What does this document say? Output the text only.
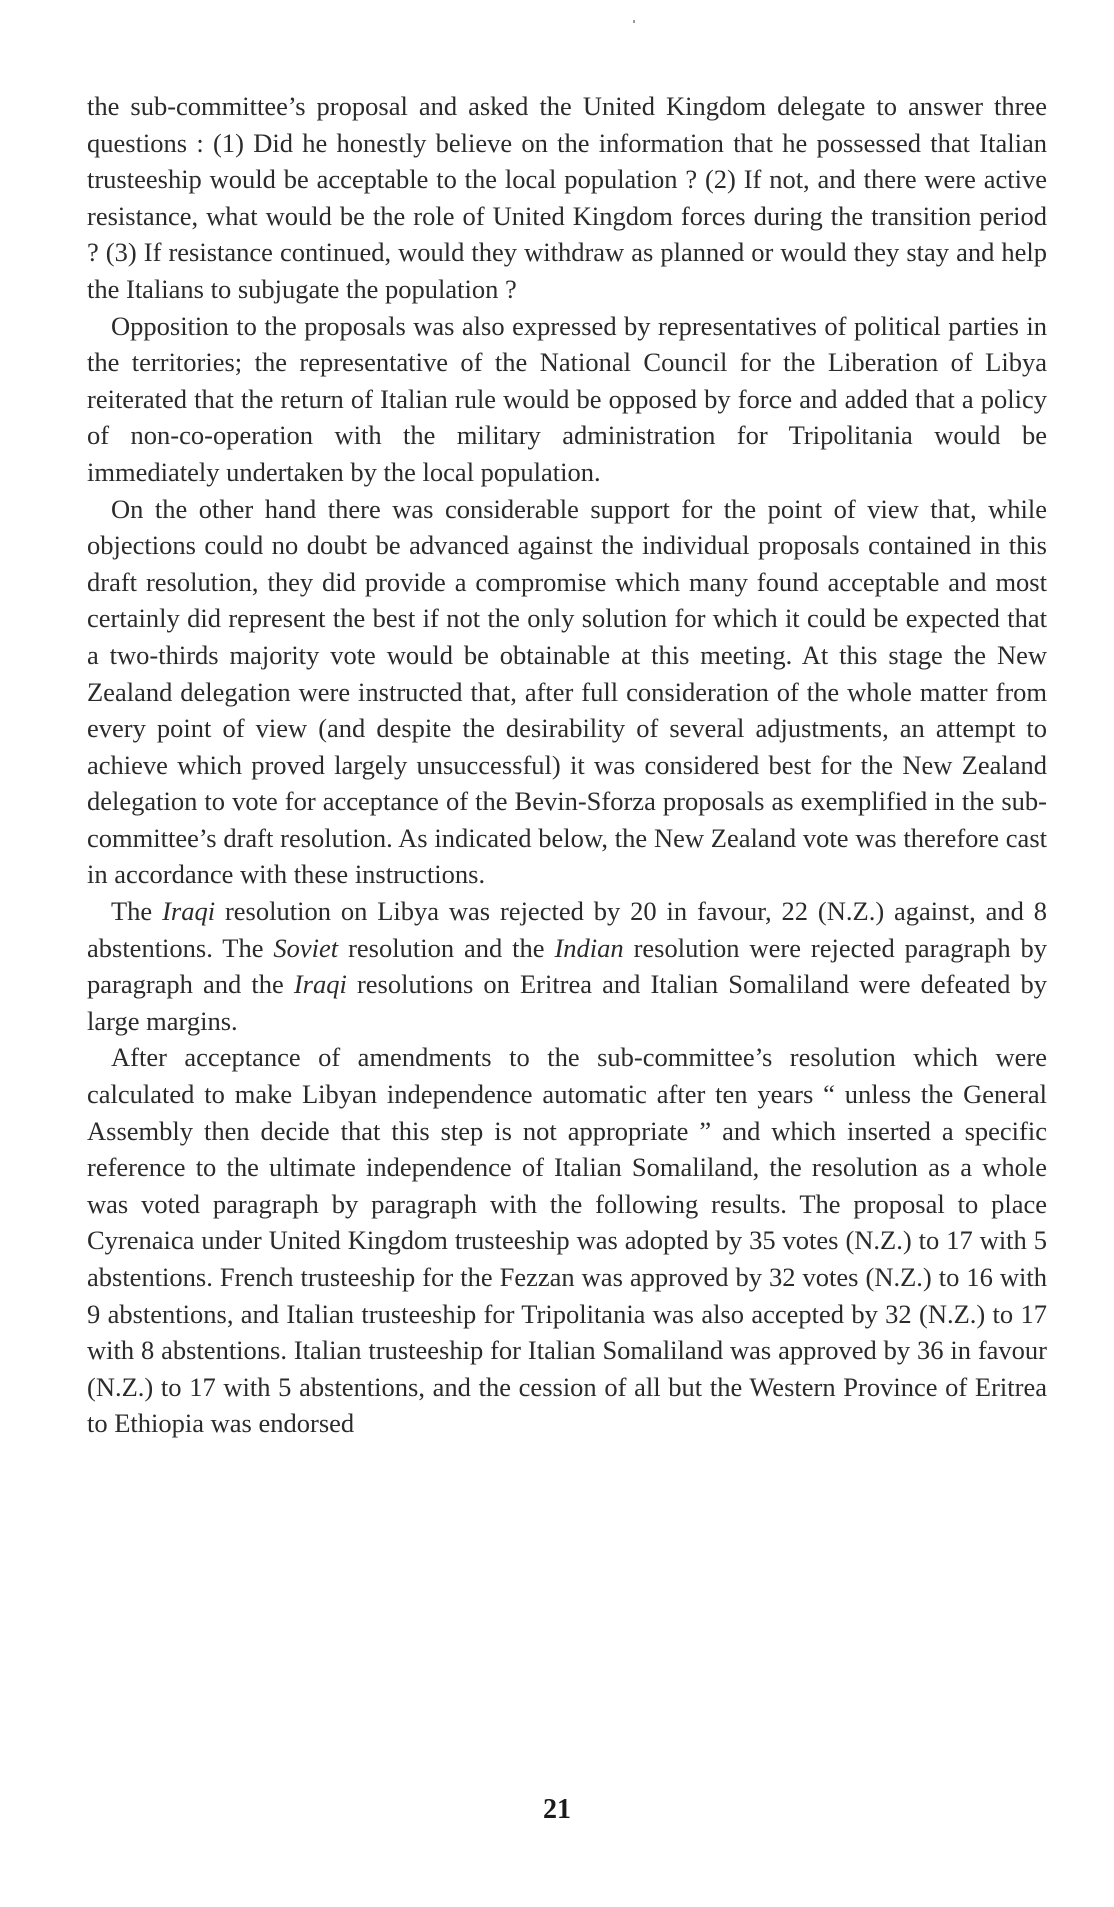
the sub-committee’s proposal and asked the United Kingdom delegate to answer three questions : (1) Did he honestly believe on the information that he possessed that Italian trusteeship would be acceptable to the local population ? (2) If not, and there were active resistance, what would be the role of United Kingdom forces during the transition period ? (3) If resistance continued, would they withdraw as planned or would they stay and help the Italians to subjugate the population ?

Opposition to the proposals was also expressed by representatives of political parties in the territories; the representative of the National Council for the Liberation of Libya reiterated that the return of Italian rule would be opposed by force and added that a policy of non-co-operation with the military administration for Tripolitania would be immediately undertaken by the local population.

On the other hand there was considerable support for the point of view that, while objections could no doubt be advanced against the individual proposals contained in this draft resolution, they did provide a compromise which many found acceptable and most certainly did represent the best if not the only solution for which it could be expected that a two-thirds majority vote would be obtainable at this meeting. At this stage the New Zealand delegation were instructed that, after full consideration of the whole matter from every point of view (and despite the desirability of several adjustments, an attempt to achieve which proved largely unsuccessful) it was considered best for the New Zealand delegation to vote for acceptance of the Bevin-Sforza proposals as exemplified in the sub-committee’s draft resolution. As indicated below, the New Zealand vote was therefore cast in accordance with these instructions.

The Iraqi resolution on Libya was rejected by 20 in favour, 22 (N.Z.) against, and 8 abstentions. The Soviet resolution and the Indian resolution were rejected paragraph by paragraph and the Iraqi resolutions on Eritrea and Italian Somaliland were defeated by large margins.

After acceptance of amendments to the sub-committee’s resolution which were calculated to make Libyan independence automatic after ten years “ unless the General Assembly then decide that this step is not appropriate ” and which inserted a specific reference to the ultimate independence of Italian Somaliland, the resolution as a whole was voted paragraph by paragraph with the following results. The proposal to place Cyrenaica under United Kingdom trusteeship was adopted by 35 votes (N.Z.) to 17 with 5 abstentions. French trusteeship for the Fezzan was approved by 32 votes (N.Z.) to 16 with 9 abstentions, and Italian trusteeship for Tripolitania was also accepted by 32 (N.Z.) to 17 with 8 abstentions. Italian trusteeship for Italian Somaliland was approved by 36 in favour (N.Z.) to 17 with 5 abstentions, and the cession of all but the Western Province of Eritrea to Ethiopia was endorsed

21
